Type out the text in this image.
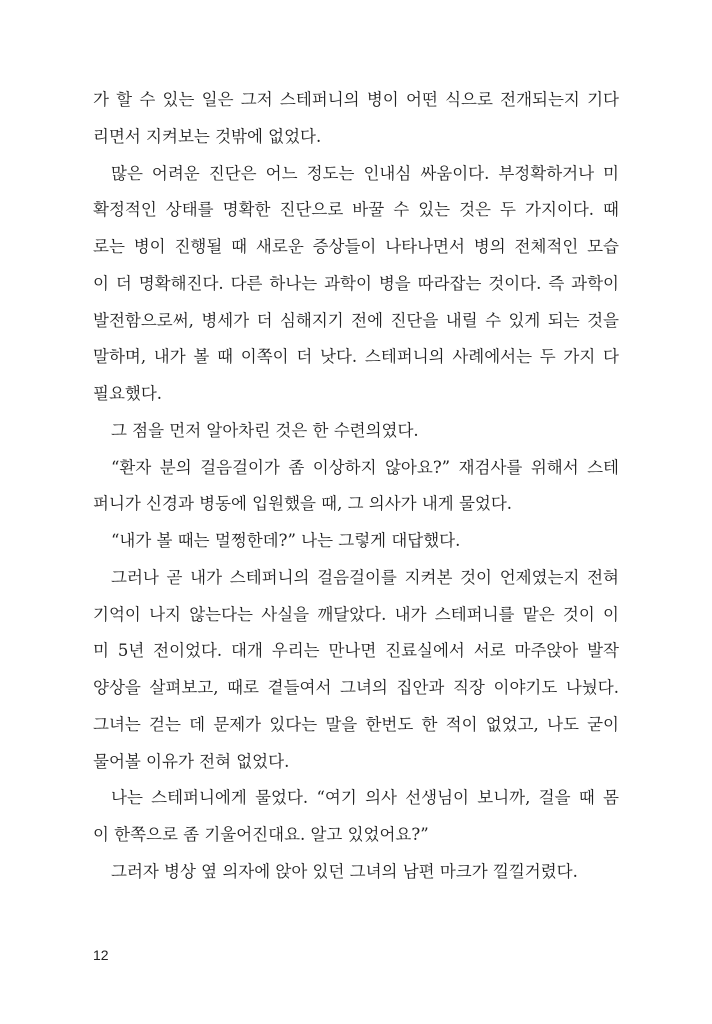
가 할 수 있는 일은 그저 스테퍼니의 병이 어떤 식으로 전개되는지 기다
리면서 지켜보는 것밖에 없었다.
많은 어려운 진단은 어느 정도는 인내심 싸움이다. 부정확하거나 미
확정적인 상태를 명확한 진단으로 바꿀 수 있는 것은 두 가지이다. 때
로는 병이 진행될 때 새로운 증상들이 나타나면서 병의 전체적인 모습
이 더 명확해진다. 다른 하나는 과학이 병을 따라잡는 것이다. 즉 과학이
발전함으로써, 병세가 더 심해지기 전에 진단을 내릴 수 있게 되는 것을
말하며, 내가 볼 때 이쪽이 더 낫다. 스테퍼니의 사례에서는 두 가지 다
필요했다.
그 점을 먼저 알아차린 것은 한 수련의였다.
“환자 분의 걸음걸이가 좀 이상하지 않아요?” 재검사를 위해서 스테
퍼니가 신경과 병동에 입원했을 때, 그 의사가 내게 물었다.
“내가 볼 때는 멀쩡한데?” 나는 그렇게 대답했다.
그러나 곧 내가 스테퍼니의 걸음걸이를 지켜본 것이 언제였는지 전혀
기억이 나지 않는다는 사실을 깨달았다. 내가 스테퍼니를 맡은 것이 이
미 5년 전이었다. 대개 우리는 만나면 진료실에서 서로 마주앉아 발작
양상을 살펴보고, 때로 곁들여서 그녀의 집안과 직장 이야기도 나눴다.
그녀는 걷는 데 문제가 있다는 말을 한번도 한 적이 없었고, 나도 굳이
물어볼 이유가 전혀 없었다.
나는 스테퍼니에게 물었다. “여기 의사 선생님이 보니까, 걸을 때 몸
이 한쪽으로 좀 기울어진대요. 알고 있었어요?”
그러자 병상 옆 의자에 앉아 있던 그녀의 남편 마크가 낄낄거렸다.
12
